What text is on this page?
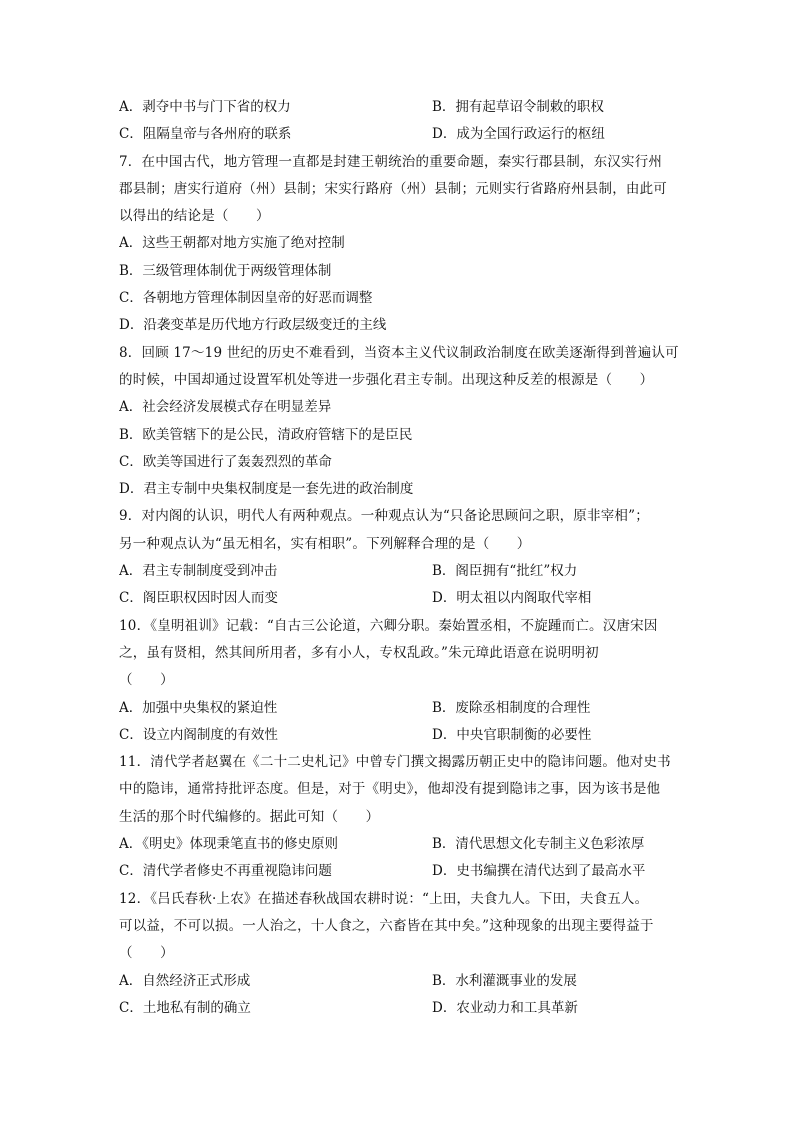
A．剥夺中书与门下省的权力	B．拥有起草诏令制敕的职权
C．阻隔皇帝与各州府的联系	D．成为全国行政运行的枢纽
7．在中国古代，地方管理一直都是封建王朝统治的重要命题，秦实行郡县制，东汉实行州
郡县制；唐实行道府（州）县制；宋实行路府（州）县制；元则实行省路府州县制，由此可
以得出的结论是（　　）
A．这些王朝都对地方实施了绝对控制
B．三级管理体制优于两级管理体制
C．各朝地方管理体制因皇帝的好恶而调整
D．沿袭变革是历代地方行政层级变迁的主线
8．回顾 17～19 世纪的历史不难看到，当资本主义代议制政治制度在欧美逐渐得到普遍认可
的时候，中国却通过设置军机处等进一步强化君主专制。出现这种反差的根源是（　　）
A．社会经济发展模式存在明显差异
B．欧美管辖下的是公民，清政府管辖下的是臣民
C．欧美等国进行了轰轰烈烈的革命
D．君主专制中央集权制度是一套先进的政治制度
9．对内阁的认识，明代人有两种观点。一种观点认为“只备论思顾问之职，原非宰相”；
另一种观点认为“虽无相名，实有相职”。下列解释合理的是（　　）
A．君主专制制度受到冲击	B．阁臣拥有“批红”权力
C．阁臣职权因时因人而变	D．明太祖以内阁取代宰相
10．《皇明祖训》记载：“自古三公论道，六卿分职。秦始置丞相，不旋踵而亡。汉唐宋因
之，虽有贤相，然其间所用者，多有小人，专权乱政。”朱元璋此语意在说明明初
（　　）
A．加强中央集权的紧迫性	B．废除丞相制度的合理性
C．设立内阁制度的有效性	D．中央官职制衡的必要性
11．清代学者赵翼在《二十二史札记》中曾专门撰文揭露历朝正史中的隐讳问题。他对史书
中的隐讳，通常持批评态度。但是，对于《明史》，他却没有提到隐讳之事，因为该书是他
生活的那个时代编修的。据此可知（　　）
A．《明史》体现秉笔直书的修史原则	B．清代思想文化专制主义色彩浓厚
C．清代学者修史不再重视隐讳问题	D．史书编撰在清代达到了最高水平
12．《吕氏春秋·上农》在描述春秋战国农耕时说：“上田，夫食九人。下田，夫食五人。
可以益，不可以损。一人治之，十人食之，六畜皆在其中矣。”这种现象的出现主要得益于
（　　）
A．自然经济正式形成	B．水利灌溉事业的发展
C．土地私有制的确立	D．农业动力和工具革新
